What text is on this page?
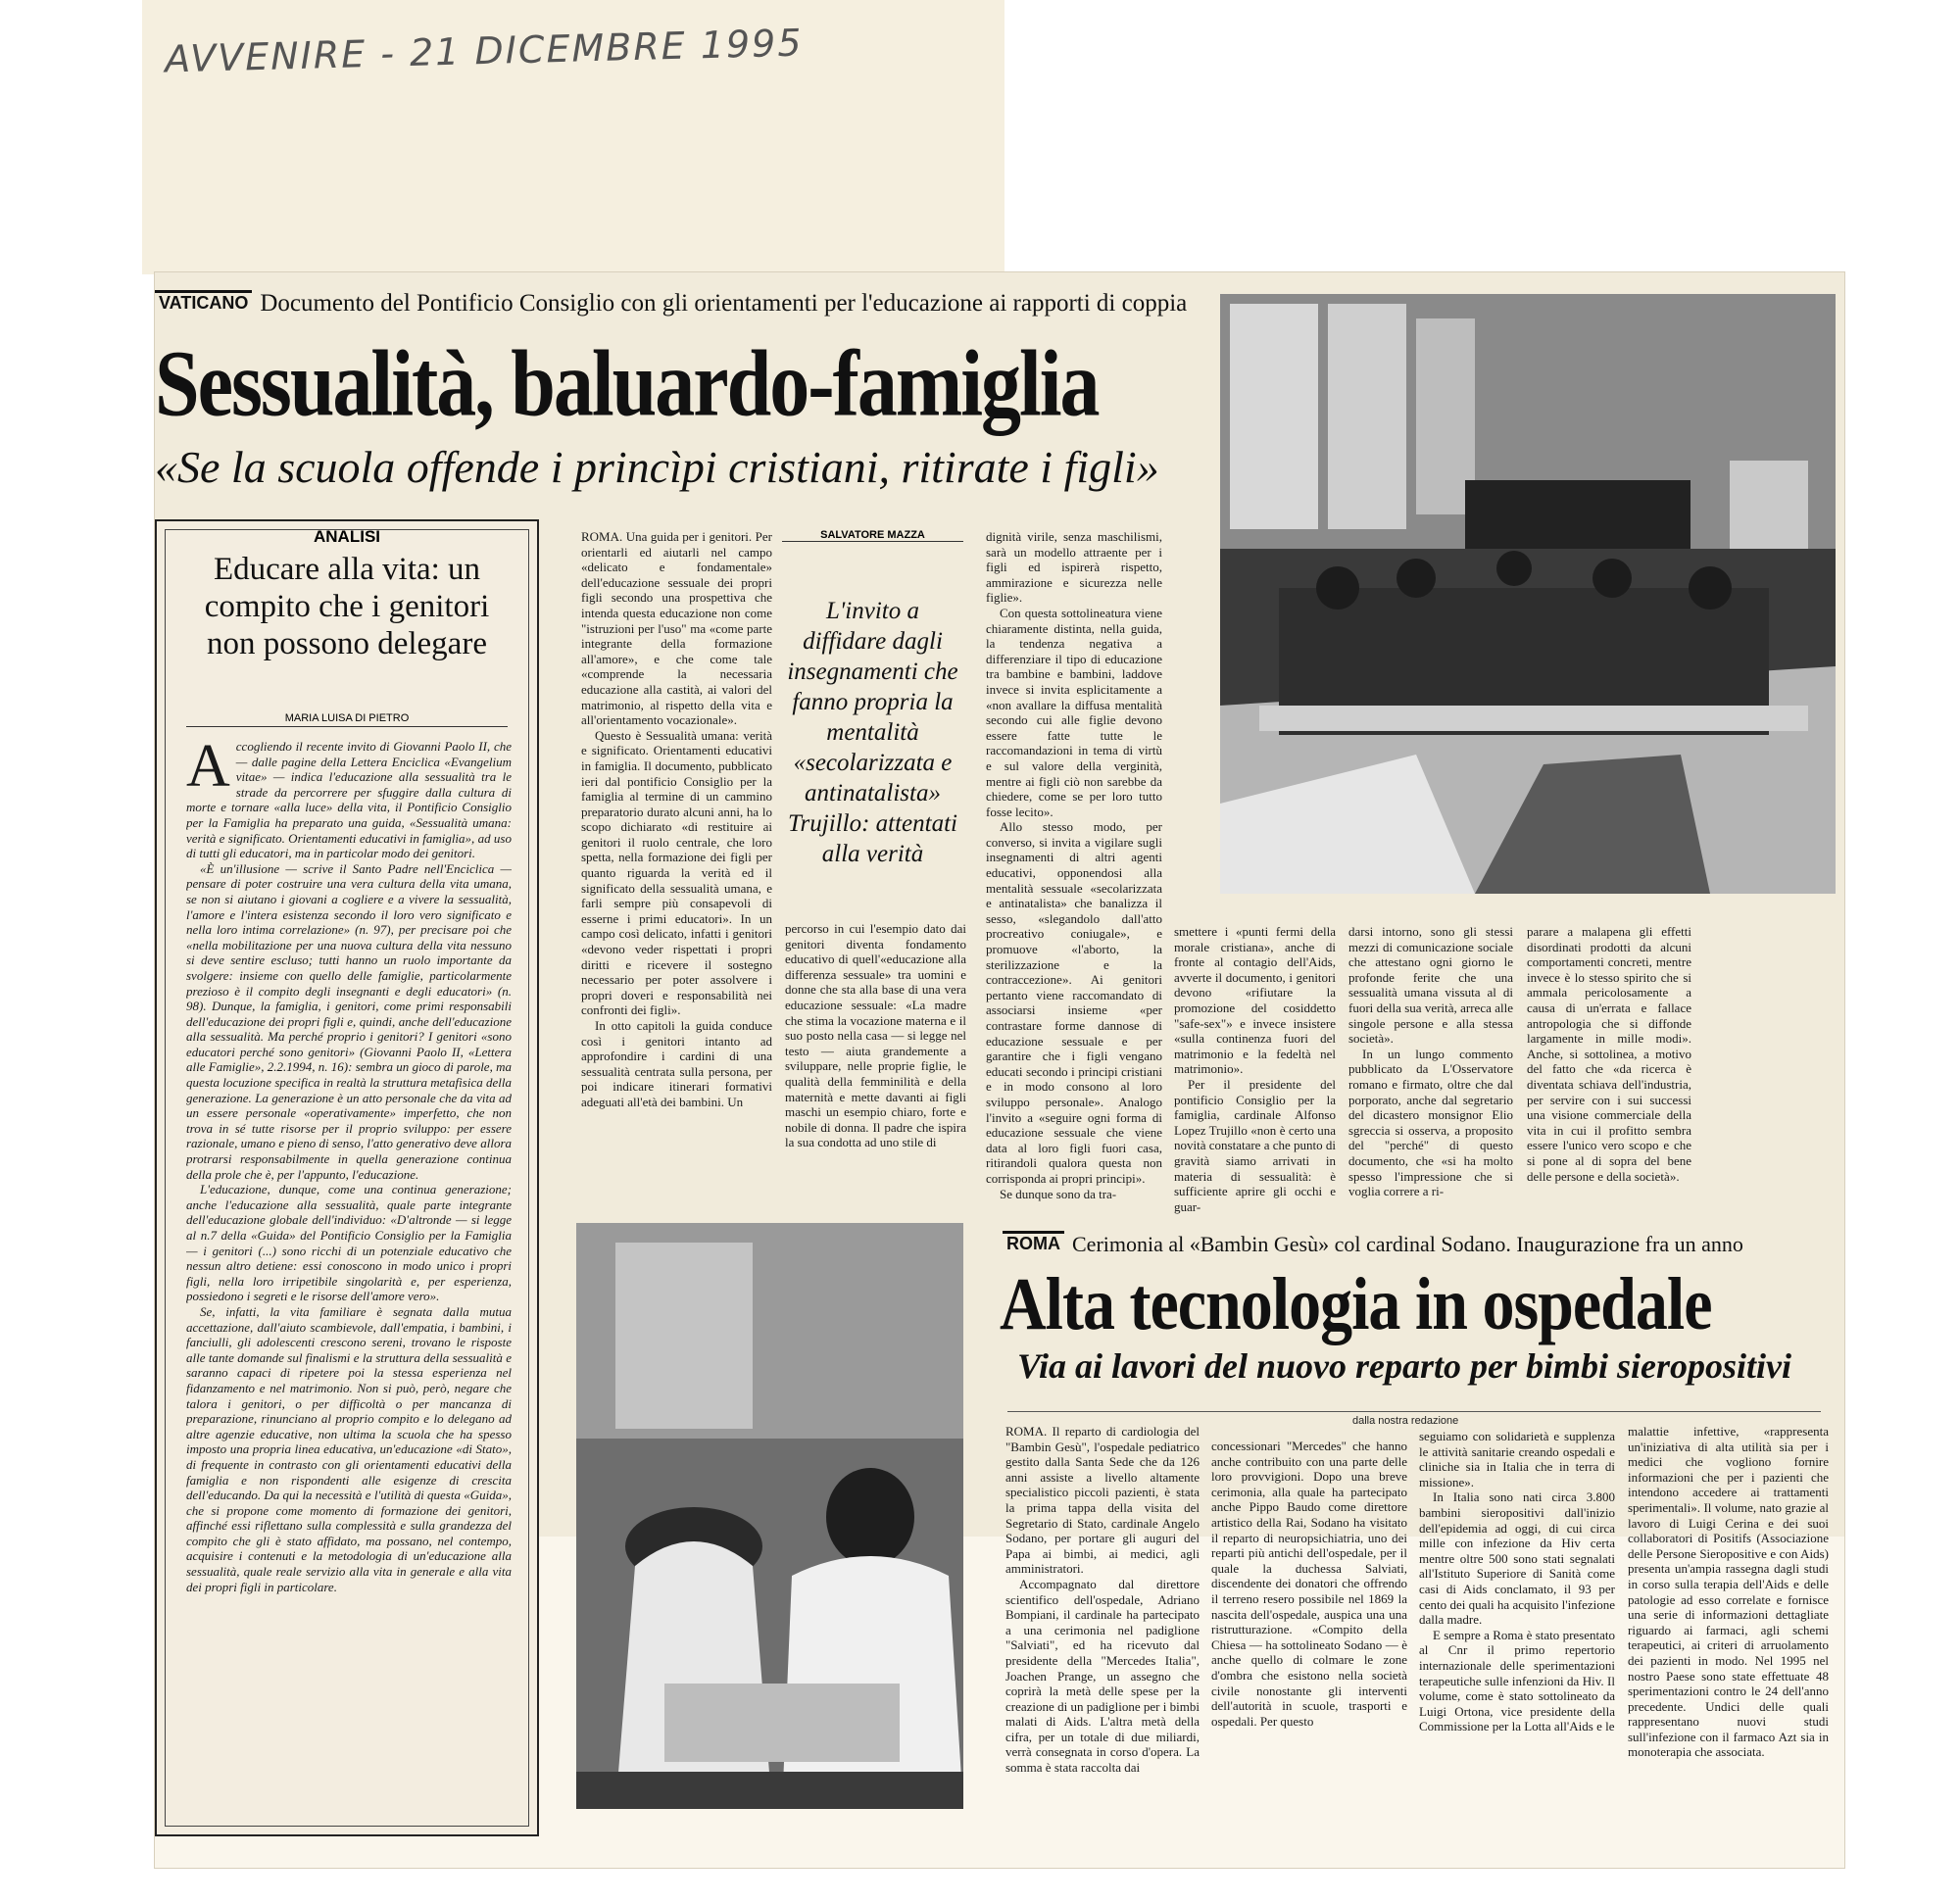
AVVENIRE - 21 DICEMBRE 1995
VATICANO Documento del Pontificio Consiglio con gli orientamenti per l'educazione ai rapporti di coppia
Sessualità, baluardo-famiglia
«Se la scuola offende i princìpi cristiani, ritirate i figli»
ANALISI
Educare alla vita: un compito che i genitori non possono delegare
MARIA LUISA DI PIETRO

Accogliendo il recente invito di Giovanni Paolo II, che — dalle pagine della Lettera Enciclica «Evangelium vitae» — indica l'educazione alla sessualità tra le strade da percorrere per sfuggire dalla cultura di morte e tornare «alla luce» della vita, il Pontificio Consiglio per la Famiglia ha preparato una guida, «Sessualità umana: verità e significato. Orientamenti educativi in famiglia», ad uso di tutti gli educatori, ma in particolar modo dei genitori.

«È un'illusione — scrive il Santo Padre nell'Enciclica — pensare di poter costruire una vera cultura della vita umana, se non si aiutano i giovani a cogliere e a vivere la sessualità, l'amore e l'intera esistenza secondo il loro vero significato e nella loro intima correlazione» (n. 97), per precisare poi che «nella mobilitazione per una nuova cultura della vita nessuno si deve sentire escluso; tutti hanno un ruolo importante da svolgere: insieme con quello delle famiglie, particolarmente prezioso è il compito degli insegnanti e degli educatori» (n. 98). Dunque, la famiglia, i genitori, come primi responsabili dell'educazione dei propri figli e, quindi, anche dell'educazione alla sessualità. Ma perché proprio i genitori? I genitori «sono educatori perché sono genitori» (Giovanni Paolo II, «Lettera alle Famiglie», 2.2.1994, n. 16): sembra un gioco di parole, ma questa locuzione specifica in realtà la struttura metafisica della generazione. La generazione è un atto personale che da vita ad un essere personale «operativamente» imperfetto, che non trova in sé tutte risorse per il proprio sviluppo: per essere razionale, umano e pieno di senso, l'atto generativo deve allora protrarsi responsabilmente in quella generazione continua della prole che è, per l'appunto, l'educazione.

L'educazione, dunque, come una continua generazione; anche l'educazione alla sessualità, quale parte integrante dell'educazione globale dell'individuo: «D'altronde — si legge al n.7 della «Guida» del Pontificio Consiglio per la Famiglia — i genitori (...) sono ricchi di un potenziale educativo che nessun altro detiene: essi conoscono in modo unico i propri figli, nella loro irripetibile singolarità e, per esperienza, possiedono i segreti e le risorse dell'amore vero».

Se, infatti, la vita familiare è segnata dalla mutua accettazione, dall'aiuto scambievole, dall'empatia, i bambini, i fanciulli, gli adolescenti crescono sereni, trovano le risposte alle tante domande sul finalismi e la struttura della sessualità e saranno capaci di ripetere poi la stessa esperienza nel fidanzamento e nel matrimonio. Non si può, però, negare che talora i genitori, o per difficoltà o per mancanza di preparazione, rinunciano al proprio compito e lo delegano ad altre agenzie educative, non ultima la scuola che ha spesso imposto una propria linea educativa, un'educazione «di Stato», di frequente in contrasto con gli orientamenti educativi della famiglia e non rispondenti alle esigenze di crescita dell'educando. Da qui la necessità e l'utilità di questa «Guida», che si propone come momento di formazione dei genitori, affinché essi riflettano sulla complessità e sulla grandezza del compito che gli è stato affidato, ma possano, nel contempo, acquisire i contenuti e la metodologia di un'educazione alla sessualità, quale reale servizio alla vita in generale e alla vita dei propri figli in particolare.

ROMA. Una guida per i genitori. Per orientarli ed aiutarli nel campo «delicato e fondamentale» dell'educazione sessuale dei propri figli secondo una prospettiva che intenda questa educazione non come "istruzioni per l'uso" ma «come parte integrante della formazione all'amore», e che come tale «comprende la necessaria educazione alla castità, ai valori del matrimonio, al rispetto della vita e all'orientamento vocazionale».

Questo è Sessualità umana: verità e significato. Orientamenti educativi in famiglia. Il documento, pubblicato ieri dal pontificio Consiglio per la famiglia al termine di un cammino preparatorio durato alcuni anni, ha lo scopo dichiarato «di restituire ai genitori il ruolo centrale, che loro spetta, nella formazione dei figli per quanto riguarda la verità ed il significato della sessualità umana, e farli sempre più consapevoli di esserne i primi educatori». In un campo così delicato, infatti i genitori «devono veder rispettati i propri diritti e ricevere il sostegno necessario per poter assolvere i propri doveri e responsabilità nei confronti dei figli».

In otto capitoli la guida conduce così i genitori intanto ad approfondire i cardini di una sessualità centrata sulla persona, per poi indicare itinerari formativi adeguati all'età dei bambini. Un

SALVATORE MAZZA
L'invito a diffidare dagli insegnamenti che fanno propria la mentalità «secolarizzata e antinatalista» Trujillo: attentati alla verità

percorso in cui l'esempio dato dai genitori diventa fondamento educativo di quell'«educazione alla differenza sessuale» tra uomini e donne che sta alla base di una vera educazione sessuale: «La madre che stima la vocazione materna e il suo posto nella casa — si legge nel testo — aiuta grandemente a sviluppare, nelle proprie figlie, le qualità della femminilità e della maternità e mette davanti ai figli maschi un esempio chiaro, forte e nobile di donna. Il padre che ispira la sua condotta ad uno stile di

dignità virile, senza maschilismi, sarà un modello attraente per i figli ed ispirerà rispetto, ammirazione e sicurezza nelle figlie».

Con questa sottolineatura viene chiaramente distinta, nella guida, la tendenza negativa a differenziare il tipo di educazione tra bambine e bambini, laddove invece si invita esplicitamente a «non avallare la diffusa mentalità secondo cui alle figlie devono essere fatte tutte le raccomandazioni in tema di virtù e sul valore della verginità, mentre ai figli ciò non sarebbe da chiedere, come se per loro tutto fosse lecito».

Allo stesso modo, per converso, si invita a vigilare sugli insegnamenti di altri agenti educativi, opponendosi alla mentalità sessuale «secolarizzata e antinatalista» che banalizza il sesso, «slegandolo dall'atto procreativo coniugale», e promuove «l'aborto, la sterilizzazione e la contraccezione». Ai genitori pertanto viene raccomandato di associarsi insieme «per contrastare forme dannose di educazione sessuale e per garantire che i figli vengano educati secondo i principi cristiani e in modo consono al loro sviluppo personale». Analogo l'invito a «seguire ogni forma di educazione sessuale che viene data al loro figli fuori casa, ritirandoli qualora questa non corrisponda ai propri principi».

Se dunque sono da tra-

smettere i «punti fermi della morale cristiana», anche di fronte al contagio dell'Aids, avverte il documento, i genitori devono «rifiutare la promozione del cosiddetto "safe-sex"» e invece insistere «sulla continenza fuori del matrimonio e la fedeltà nel matrimonio».

Per il presidente del pontificio Consiglio per la famiglia, cardinale Alfonso Lopez Trujillo «non è certo una novità constatare a che punto di gravità siamo arrivati in materia di sessualità: è sufficiente aprire gli occhi e guar-

darsi intorno, sono gli stessi mezzi di comunicazione sociale che attestano ogni giorno le profonde ferite che una sessualità umana vissuta al di fuori della sua verità, arreca alle singole persone e alla stessa società».

In un lungo commento pubblicato da L'Osservatore romano e firmato, oltre che dal porporato, anche dal segretario del dicastero monsignor Elio sgreccia si osserva, a proposito del "perché" di questo documento, che «si ha molto spesso l'impressione che si voglia correre a ri-

parare a malapena gli effetti disordinati prodotti da alcuni comportamenti concreti, mentre invece è lo stesso spirito che si ammala pericolosamente a causa di un'errata e fallace antropologia che si diffonde largamente in mille modi». Anche, si sottolinea, a motivo del fatto che «da ricerca è diventata schiava dell'industria, per servire con i sui successi una visione commerciale della vita in cui il profitto sembra essere l'unico vero scopo e che si pone al di sopra del bene delle persone e della società».

ROMA Cerimonia al «Bambin Gesù» col cardinal Sodano. Inaugurazione fra un anno
Alta tecnologia in ospedale
Via ai lavori del nuovo reparto per bimbi sieropositivi
dalla nostra redazione

ROMA. Il reparto di cardiologia del "Bambin Gesù", l'ospedale pediatrico gestito dalla Santa Sede che da 126 anni assiste a livello altamente specialistico piccoli pazienti, è stata la prima tappa della visita del Segretario di Stato, cardinale Angelo Sodano, per portare gli auguri del Papa ai bimbi, ai medici, agli amministratori.

Accompagnato dal direttore scientifico dell'ospedale, Adriano Bompiani, il cardinale ha partecipato a una cerimonia nel padiglione "Salviati", ed ha ricevuto dal presidente della "Mercedes Italia", Joachen Prange, un assegno che coprirà la metà delle spese per la creazione di un padiglione per i bimbi malati di Aids. L'altra metà della cifra, per un totale di due miliardi, verrà consegnata in corso d'opera. La somma è stata raccolta dai

concessionari "Mercedes" che hanno anche contribuito con una parte delle loro provvigioni. Dopo una breve cerimonia, alla quale ha partecipato anche Pippo Baudo come direttore artistico della Rai, Sodano ha visitato il reparto di neuropsichiatria, uno dei reparti più antichi dell'ospedale, per il quale la duchessa Salviati, discendente dei donatori che offrendo il terreno resero possibile nel 1869 la nascita dell'ospedale, auspica una una ristrutturazione. «Compito della Chiesa — ha sottolineato Sodano — è anche quello di colmare le zone d'ombra che esistono nella società civile nonostante gli interventi dell'autorità in scuole, trasporti e ospedali. Per questo

seguiamo con solidarietà e supplenza le attività sanitarie creando ospedali e cliniche sia in Italia che in terra di missione».

In Italia sono nati circa 3.800 bambini sieropositivi dall'inizio dell'epidemia ad oggi, di cui circa mille con infezione da Hiv certa mentre oltre 500 sono stati segnalati all'Istituto Superiore di Sanità come casi di Aids conclamato, il 93 per cento dei quali ha acquisito l'infezione dalla madre.

E sempre a Roma è stato presentato al Cnr il primo repertorio internazionale delle sperimentazioni terapeutiche sulle infenzioni da Hiv. Il volume, come è stato sottolineato da Luigi Ortona, vice presidente della Commissione per la Lotta all'Aids e le

malattie infettive, «rappresenta un'iniziativa di alta utilità sia per i medici che vogliono fornire informazioni che per i pazienti che intendono accedere ai trattamenti sperimentali». Il volume, nato grazie al lavoro di Luigi Cerina e dei suoi collaboratori di Positifs (Associazione delle Persone Sieropositive e con Aids) presenta un'ampia rassegna dagli studi in corso sulla terapia dell'Aids e delle patologie ad esso correlate e fornisce una serie di informazioni dettagliate riguardo ai farmaci, agli schemi terapeutici, ai criteri di arruolamento dei pazienti in modo. Nel 1995 nel nostro Paese sono state effettuate 48 sperimentazioni contro le 24 dell'anno precedente. Undici delle quali rappresentano nuovi studi sull'infezione con il farmaco Azt sia in monoterapia che associata.
